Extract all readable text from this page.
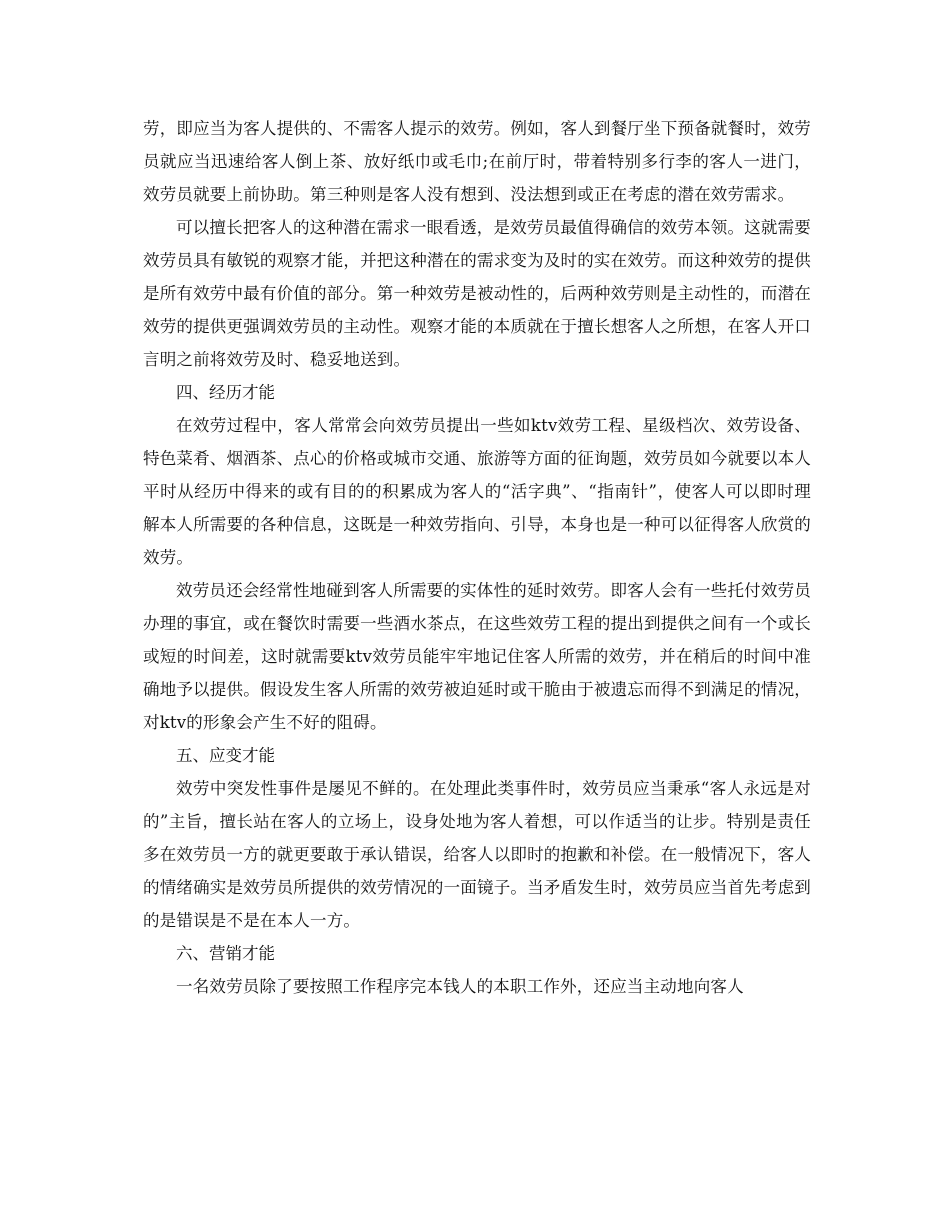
劳，即应当为客人提供的、不需客人提示的效劳。例如，客人到餐厅坐下预备就餐时，效劳员就应当迅速给客人倒上茶、放好纸巾或毛巾;在前厅时，带着特别多行李的客人一进门，效劳员就要上前协助。第三种则是客人没有想到、没法想到或正在考虑的潜在效劳需求。

可以擅长把客人的这种潜在需求一眼看透，是效劳员最值得确信的效劳本领。这就需要效劳员具有敏锐的观察才能，并把这种潜在的需求变为及时的实在效劳。而这种效劳的提供是所有效劳中最有价值的部分。第一种效劳是被动性的，后两种效劳则是主动性的，而潜在效劳的提供更强调效劳员的主动性。观察才能的本质就在于擅长想客人之所想，在客人开口言明之前将效劳及时、稳妥地送到。

四、经历才能

在效劳过程中，客人常常会向效劳员提出一些如ktv效劳工程、星级档次、效劳设备、特色菜肴、烟酒茶、点心的价格或城市交通、旅游等方面的征询题，效劳员如今就要以本人平时从经历中得来的或有目的的积累成为客人的“活字典”、“指南针”，使客人可以即时理解本人所需要的各种信息，这既是一种效劳指向、引导，本身也是一种可以征得客人欣赏的效劳。

效劳员还会经常性地碰到客人所需要的实体性的延时效劳。即客人会有一些托付效劳员办理的事宜，或在餐饮时需要一些酒水茶点，在这些效劳工程的提出到提供之间有一个或长或短的时间差，这时就需要ktv效劳员能牢牢地记住客人所需的效劳，并在稍后的时间中准确地予以提供。假设发生客人所需的效劳被迫延时或干脆由于被遗忘而得不到满足的情况，对ktv的形象会产生不好的阻碍。

五、应变才能

效劳中突发性事件是屡见不鲜的。在处理此类事件时，效劳员应当秉承“客人永远是对的”主旨，擅长站在客人的立场上，设身处地为客人着想，可以作适当的让步。特别是责任多在效劳员一方的就更要敢于承认错误，给客人以即时的抱歉和补偿。在一般情况下，客人的情绪确实是效劳员所提供的效劳情况的一面镜子。当矛盾发生时，效劳员应当首先考虑到的是错误是不是在本人一方。

六、营销才能

一名效劳员除了要按照工作程序完本钱人的本职工作外，还应当主动地向客人
